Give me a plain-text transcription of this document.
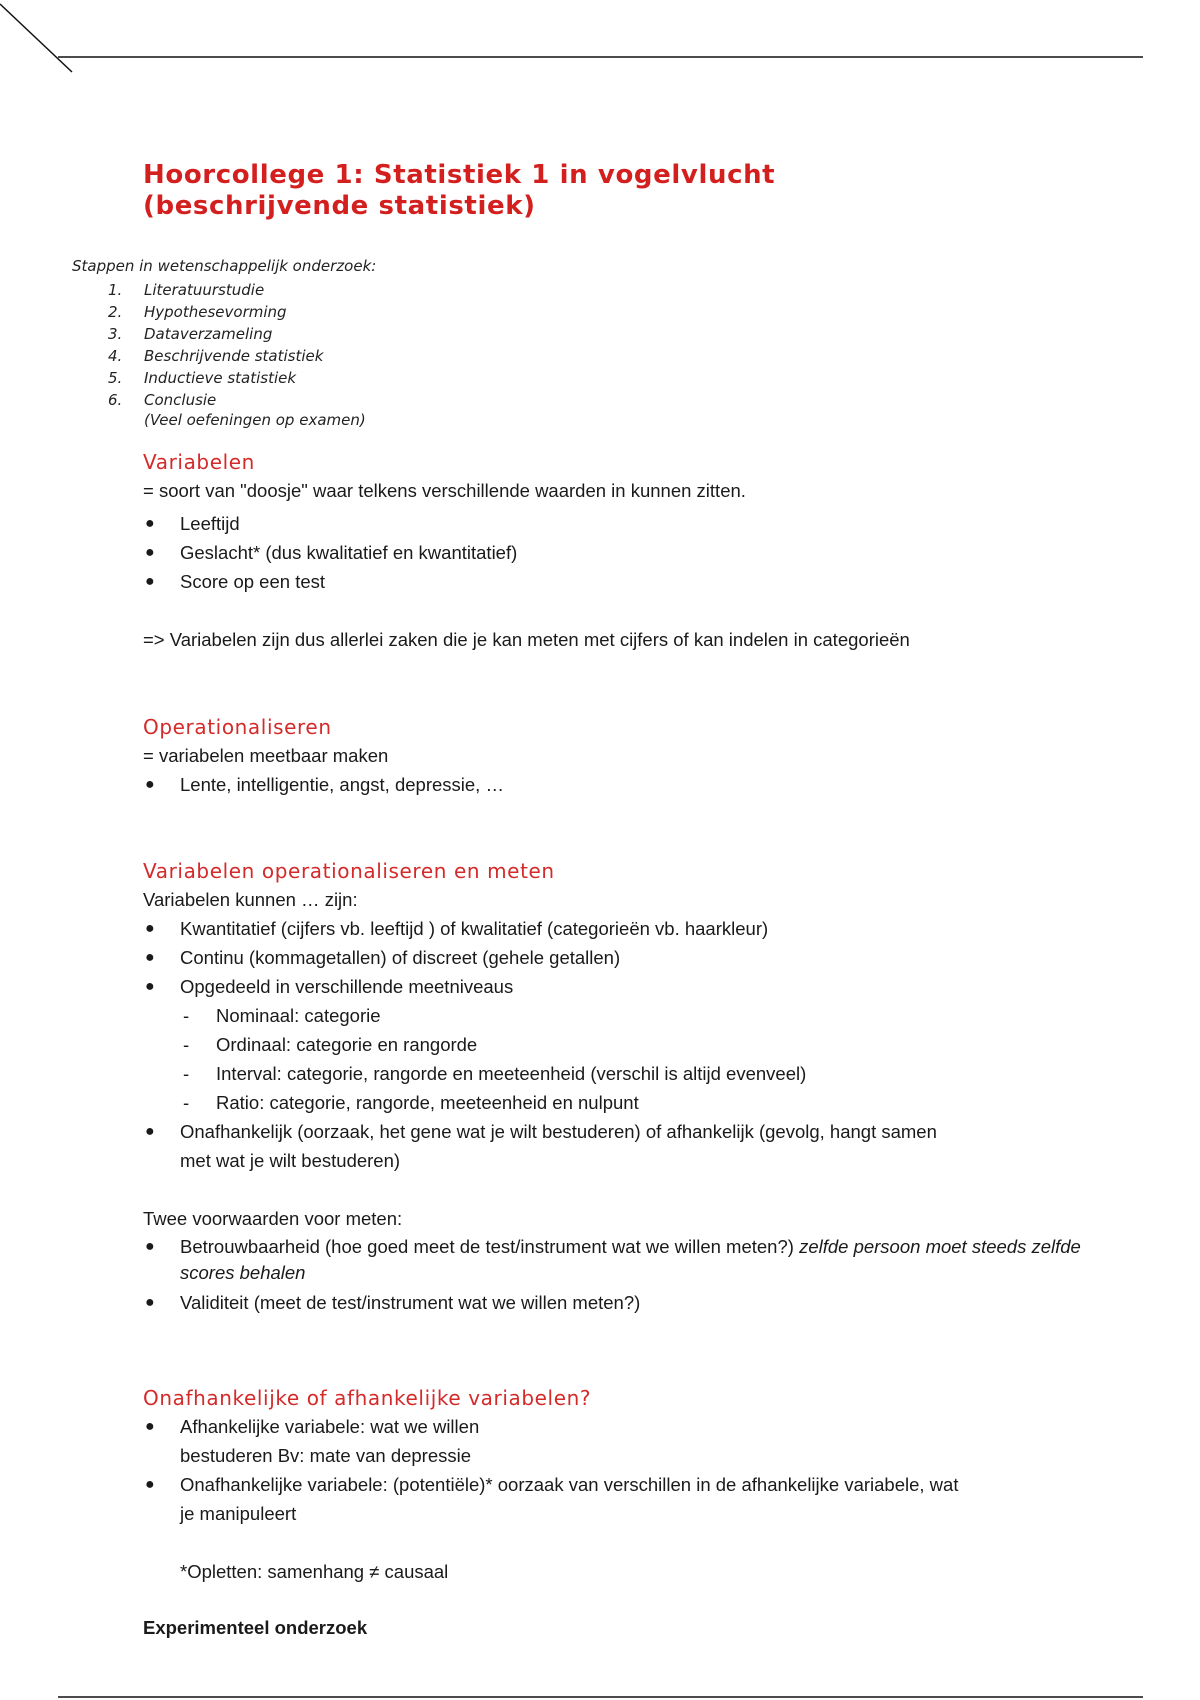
Hoorcollege 1: Statistiek 1 in vogelvlucht
(beschrijvende statistiek)
Stappen in wetenschappelijk onderzoek:
1. Literatuurstudie
2. Hypothesevorming
3. Dataverzameling
4. Beschrijvende statistiek
5. Inductieve statistiek
6. Conclusie
(Veel oefeningen op examen)
Variabelen
= soort van "doosje" waar telkens verschillende waarden in kunnen zitten.
● Leeftijd
● Geslacht* (dus kwalitatief en kwantitatief)
● Score op een test
=> Variabelen zijn dus allerlei zaken die je kan meten met cijfers of kan indelen in categorieën
Operationaliseren
= variabelen meetbaar maken
● Lente, intelligentie, angst, depressie, …
Variabelen operationaliseren en meten
Variabelen kunnen … zijn:
● Kwantitatief (cijfers vb. leeftijd ) of kwalitatief (categorieën vb. haarkleur)
● Continu (kommagetallen) of discreet (gehele getallen)
● Opgedeeld in verschillende meetniveaus
- Nominaal: categorie
- Ordinaal: categorie en rangorde
- Interval: categorie, rangorde en meeteenheid (verschil is altijd evenveel)
- Ratio: categorie, rangorde, meeteenheid en nulpunt
● Onafhankelijk (oorzaak, het gene wat je wilt bestuderen) of afhankelijk (gevolg, hangt samen
met wat je wilt bestuderen)
Twee voorwaarden voor meten:
● Betrouwbaarheid (hoe goed meet de test/instrument wat we willen meten?) zelfde persoon moet steeds zelfde
scores behalen
● Validiteit (meet de test/instrument wat we willen meten?)
Onafhankelijke of afhankelijke variabelen?
● Afhankelijke variabele: wat we willen
bestuderen Bv: mate van depressie
● Onafhankelijke variabele: (potentiële)* oorzaak van verschillen in de afhankelijke variabele, wat
je manipuleert
*Opletten: samenhang ≠ causaal
Experimenteel onderzoek
